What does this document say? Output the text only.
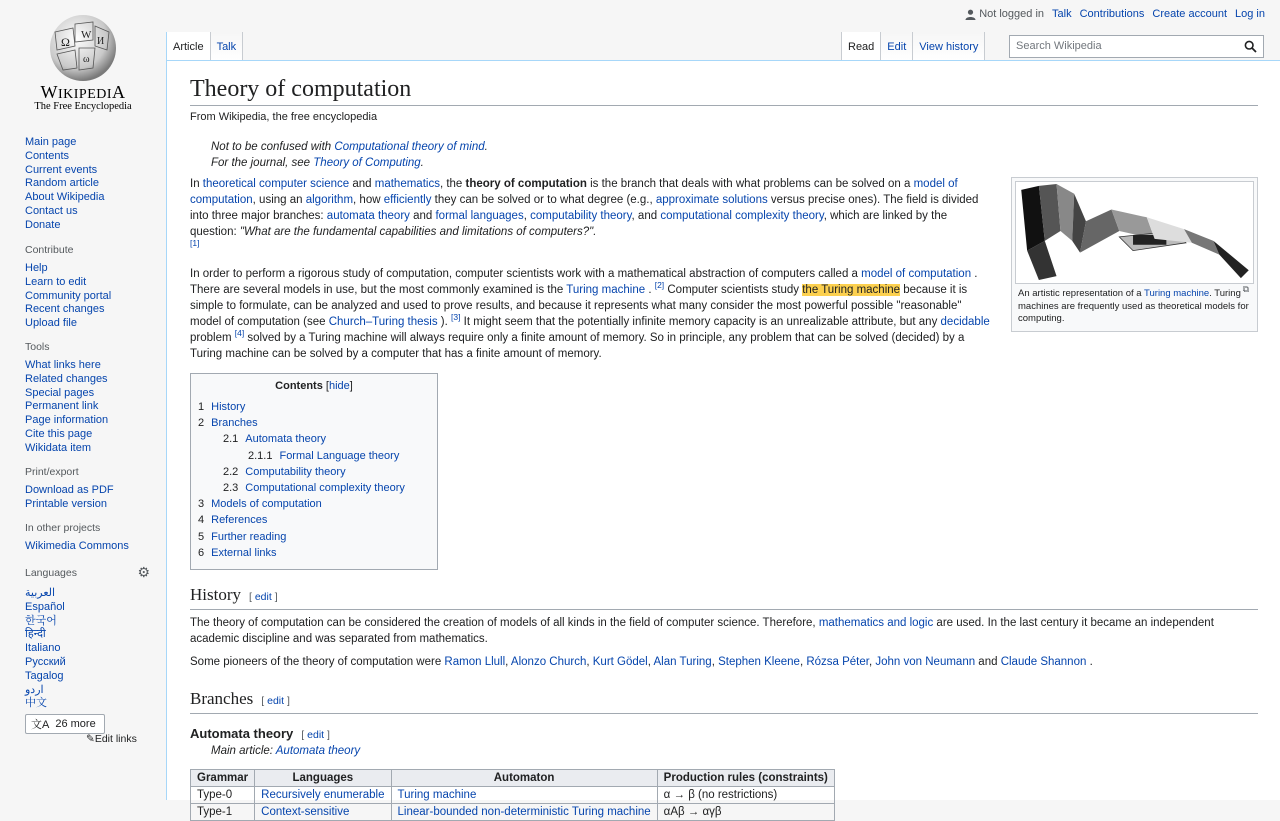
Ω W
И
ω
WIKIPEDIA
The Free Encyclopedia
Main page
Contents
Current events
Random article
About Wikipedia
Contact us
Donate
Contribute
Help
Learn to edit
Community portal
Recent changes
Upload file
Tools
What links here
Related changes
Special pages
Permanent link
Page information
Cite this page
Wikidata item
Print/export
Download as PDF
Printable version
In other projects
Wikimedia Commons
Languages	⚙
العربية
Español
한국어
हिन्दी
Italiano
Русский
Tagalog
اردو
中文
文A 26 more
✎Edit links
Not logged in Talk Contributions Create account Log in
Article	Talk	Read	Edit	View history	Search Wikipedia
Theory of computation
From Wikipedia, the free encyclopedia
⧉
An artistic representation of a Turing machine. Turing machines are frequently used as theoretical models for computing.
Not to be confused with Computational theory of mind.
For the journal, see Theory of Computing.

In theoretical computer science and mathematics, the theory of computation is the branch that deals with what problems can be solved on a model of computation, using an algorithm, how efficiently they can be solved or to what degree (e.g., approximate solutions versus precise ones). The field is divided into three major branches: automata theory and formal languages, computability theory, and computational complexity theory, which are linked by the question: "What are the fundamental capabilities and limitations of computers?".
[1]

In order to perform a rigorous study of computation, computer scientists work with a mathematical abstraction of computers called a model of computation . There are several models in use, but the most commonly examined is the Turing machine . [2] Computer scientists study the Turing machine because it is simple to formulate, can be analyzed and used to prove results, and because it represents what many consider the most powerful possible "reasonable" model of computation (see Church–Turing thesis ). [3] It might seem that the potentially infinite memory capacity is an unrealizable attribute, but any decidable problem [4] solved by a Turing machine will always require only a finite amount of memory. So in principle, any problem that can be solved (decided) by a Turing machine can be solved by a computer that has a finite amount of memory.

Contents [hide]
1 History
2 Branches
2.1 Automata theory
2.1.1 Formal Language theory
2.2 Computability theory
2.3 Computational complexity theory
3 Models of computation
4 References
5 Further reading
6 External links
History [ edit ]

The theory of computation can be considered the creation of models of all kinds in the field of computer science. Therefore, mathematics and logic are used. In the last century it became an independent academic discipline and was separated from mathematics.

Some pioneers of the theory of computation were Ramon Llull, Alonzo Church, Kurt Gödel, Alan Turing, Stephen Kleene, Rózsa Péter, John von Neumann and Claude Shannon .

Branches [ edit ]
Automata theory [ edit ]
Main article: Automata theory
Grammar	Languages	Automaton	Production rules (constraints)
Type-0	Recursively enumerable	Turing machine	α → β (no restrictions)
Type-1	Context-sensitive	Linear-bounded non-deterministic Turing machine	αAβ → αγβ
